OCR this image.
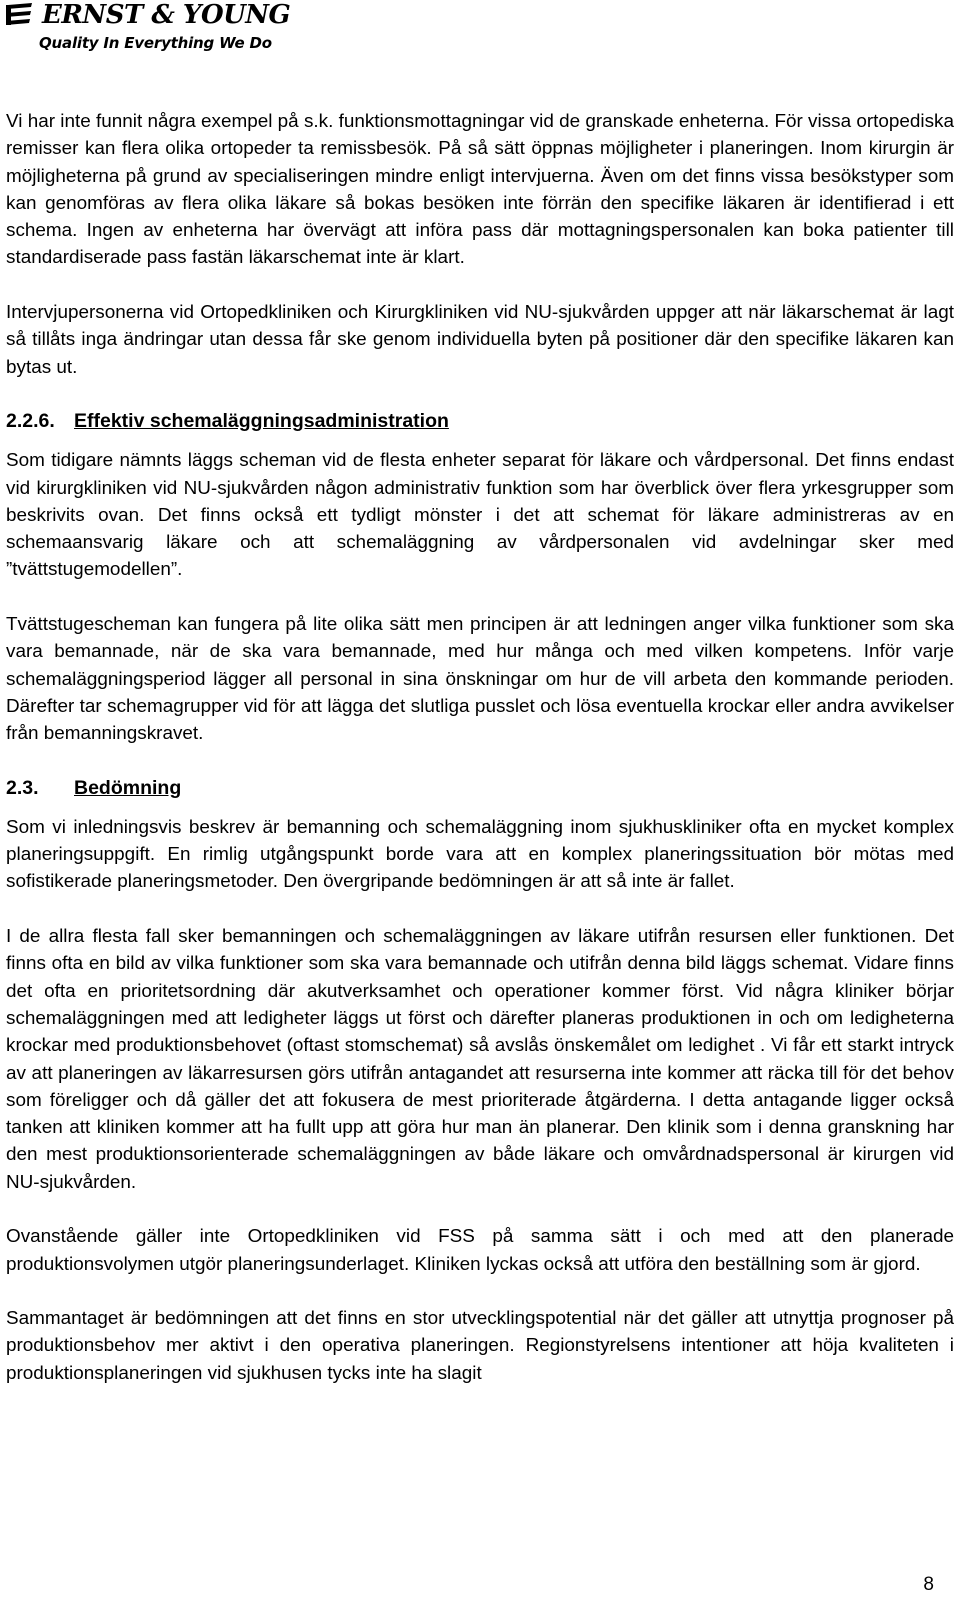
ERNST & YOUNG
Quality In Everything We Do

Vi har inte funnit några exempel på s.k. funktionsmottagningar vid de granskade enheterna. För vissa ortopediska remisser kan flera olika ortopeder ta remissbesök. På så sätt öppnas möjligheter i planeringen. Inom kirurgin är möjligheterna på grund av specialiseringen mindre enligt intervjuerna. Även om det finns vissa besökstyper som kan genomföras av flera olika läkare så bokas besöken inte förrän den specifike läkaren är identifierad i ett schema. Ingen av enheterna har övervägt att införa pass där mottagningspersonalen kan boka patienter till standardiserade pass fastän läkarschemat inte är klart.

Intervjupersonerna vid Ortopedkliniken och Kirurgkliniken vid NU-sjukvården uppger att när läkarschemat är lagt så tillåts inga ändringar utan dessa får ske genom individuella byten på positioner där den specifike läkaren kan bytas ut.

2.2.6. Effektiv schemaläggningsadministration

Som tidigare nämnts läggs scheman vid de flesta enheter separat för läkare och vårdpersonal. Det finns endast vid kirurgkliniken vid NU-sjukvården någon administrativ funktion som har överblick över flera yrkesgrupper som beskrivits ovan. Det finns också ett tydligt mönster i det att schemat för läkare administreras av en schemaansvarig läkare och att schemaläggning av vårdpersonalen vid avdelningar sker med ”tvättstugemodellen”.

Tvättstugescheman kan fungera på lite olika sätt men principen är att ledningen anger vilka funktioner som ska vara bemannade, när de ska vara bemannade, med hur många och med vilken kompetens. Inför varje schemaläggningsperiod lägger all personal in sina önskningar om hur de vill arbeta den kommande perioden. Därefter tar schemagrupper vid för att lägga det slutliga pusslet och lösa eventuella krockar eller andra avvikelser från bemanningskravet.

2.3. Bedömning

Som vi inledningsvis beskrev är bemanning och schemaläggning inom sjukhuskliniker ofta en mycket komplex planeringsuppgift. En rimlig utgångspunkt borde vara att en komplex planeringssituation bör mötas med sofistikerade planeringsmetoder. Den övergripande bedömningen är att så inte är fallet.

I de allra flesta fall sker bemanningen och schemaläggningen av läkare utifrån resursen eller funktionen. Det finns ofta en bild av vilka funktioner som ska vara bemannade och utifrån denna bild läggs schemat. Vidare finns det ofta en prioritetsordning där akutverksamhet och operationer kommer först. Vid några kliniker börjar schemaläggningen med att ledigheter läggs ut först och därefter planeras produktionen in och om ledigheterna krockar med produktionsbehovet (oftast stomschemat) så avslås önskemålet om ledighet . Vi får ett starkt intryck av att planeringen av läkarresursen görs utifrån antagandet att resurserna inte kommer att räcka till för det behov som föreligger och då gäller det att fokusera de mest prioriterade åtgärderna. I detta antagande ligger också tanken att kliniken kommer att ha fullt upp att göra hur man än planerar. Den klinik som i denna granskning har den mest produktionsorienterade schemaläggningen av både läkare och omvårdnadspersonal är kirurgen vid NU-sjukvården.

Ovanstående gäller inte Ortopedkliniken vid FSS på samma sätt i och med att den planerade produktionsvolymen utgör planeringsunderlaget. Kliniken lyckas också att utföra den beställning som är gjord.

Sammantaget är bedömningen att det finns en stor utvecklingspotential när det gäller att utnyttja prognoser på produktionsbehov mer aktivt i den operativa planeringen. Regionstyrelsens intentioner att höja kvaliteten i produktionsplaneringen vid sjukhusen tycks inte ha slagit

8
